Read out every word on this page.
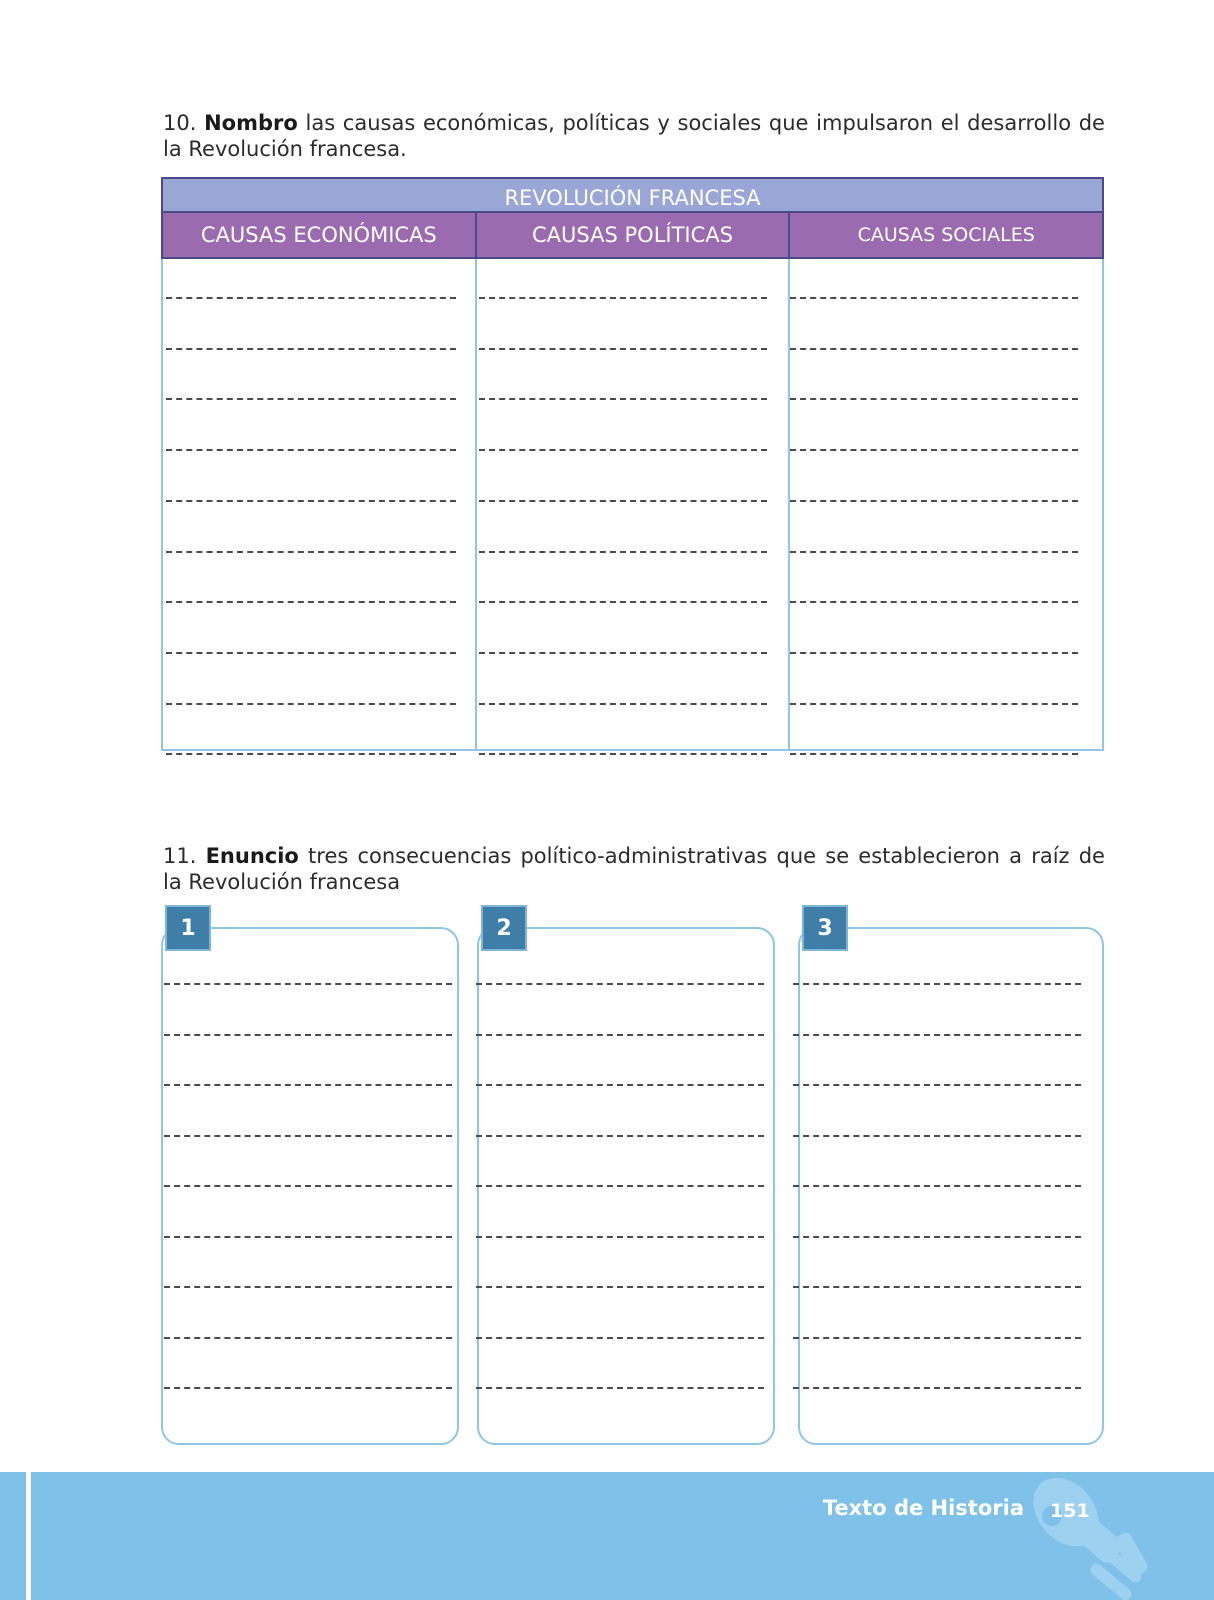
10. Nombro las causas económicas, políticas y sociales que impulsaron el desarrollo de la Revolución francesa.
REVOLUCIÓN FRANCESA
CAUSAS ECONÓMICAS	CAUSAS POLÍTICAS	CAUSAS SOCIALES
11. Enuncio tres consecuencias político-administrativas que se establecieron a raíz de la Revolución francesa
1	2	3
Texto de Historia 151
